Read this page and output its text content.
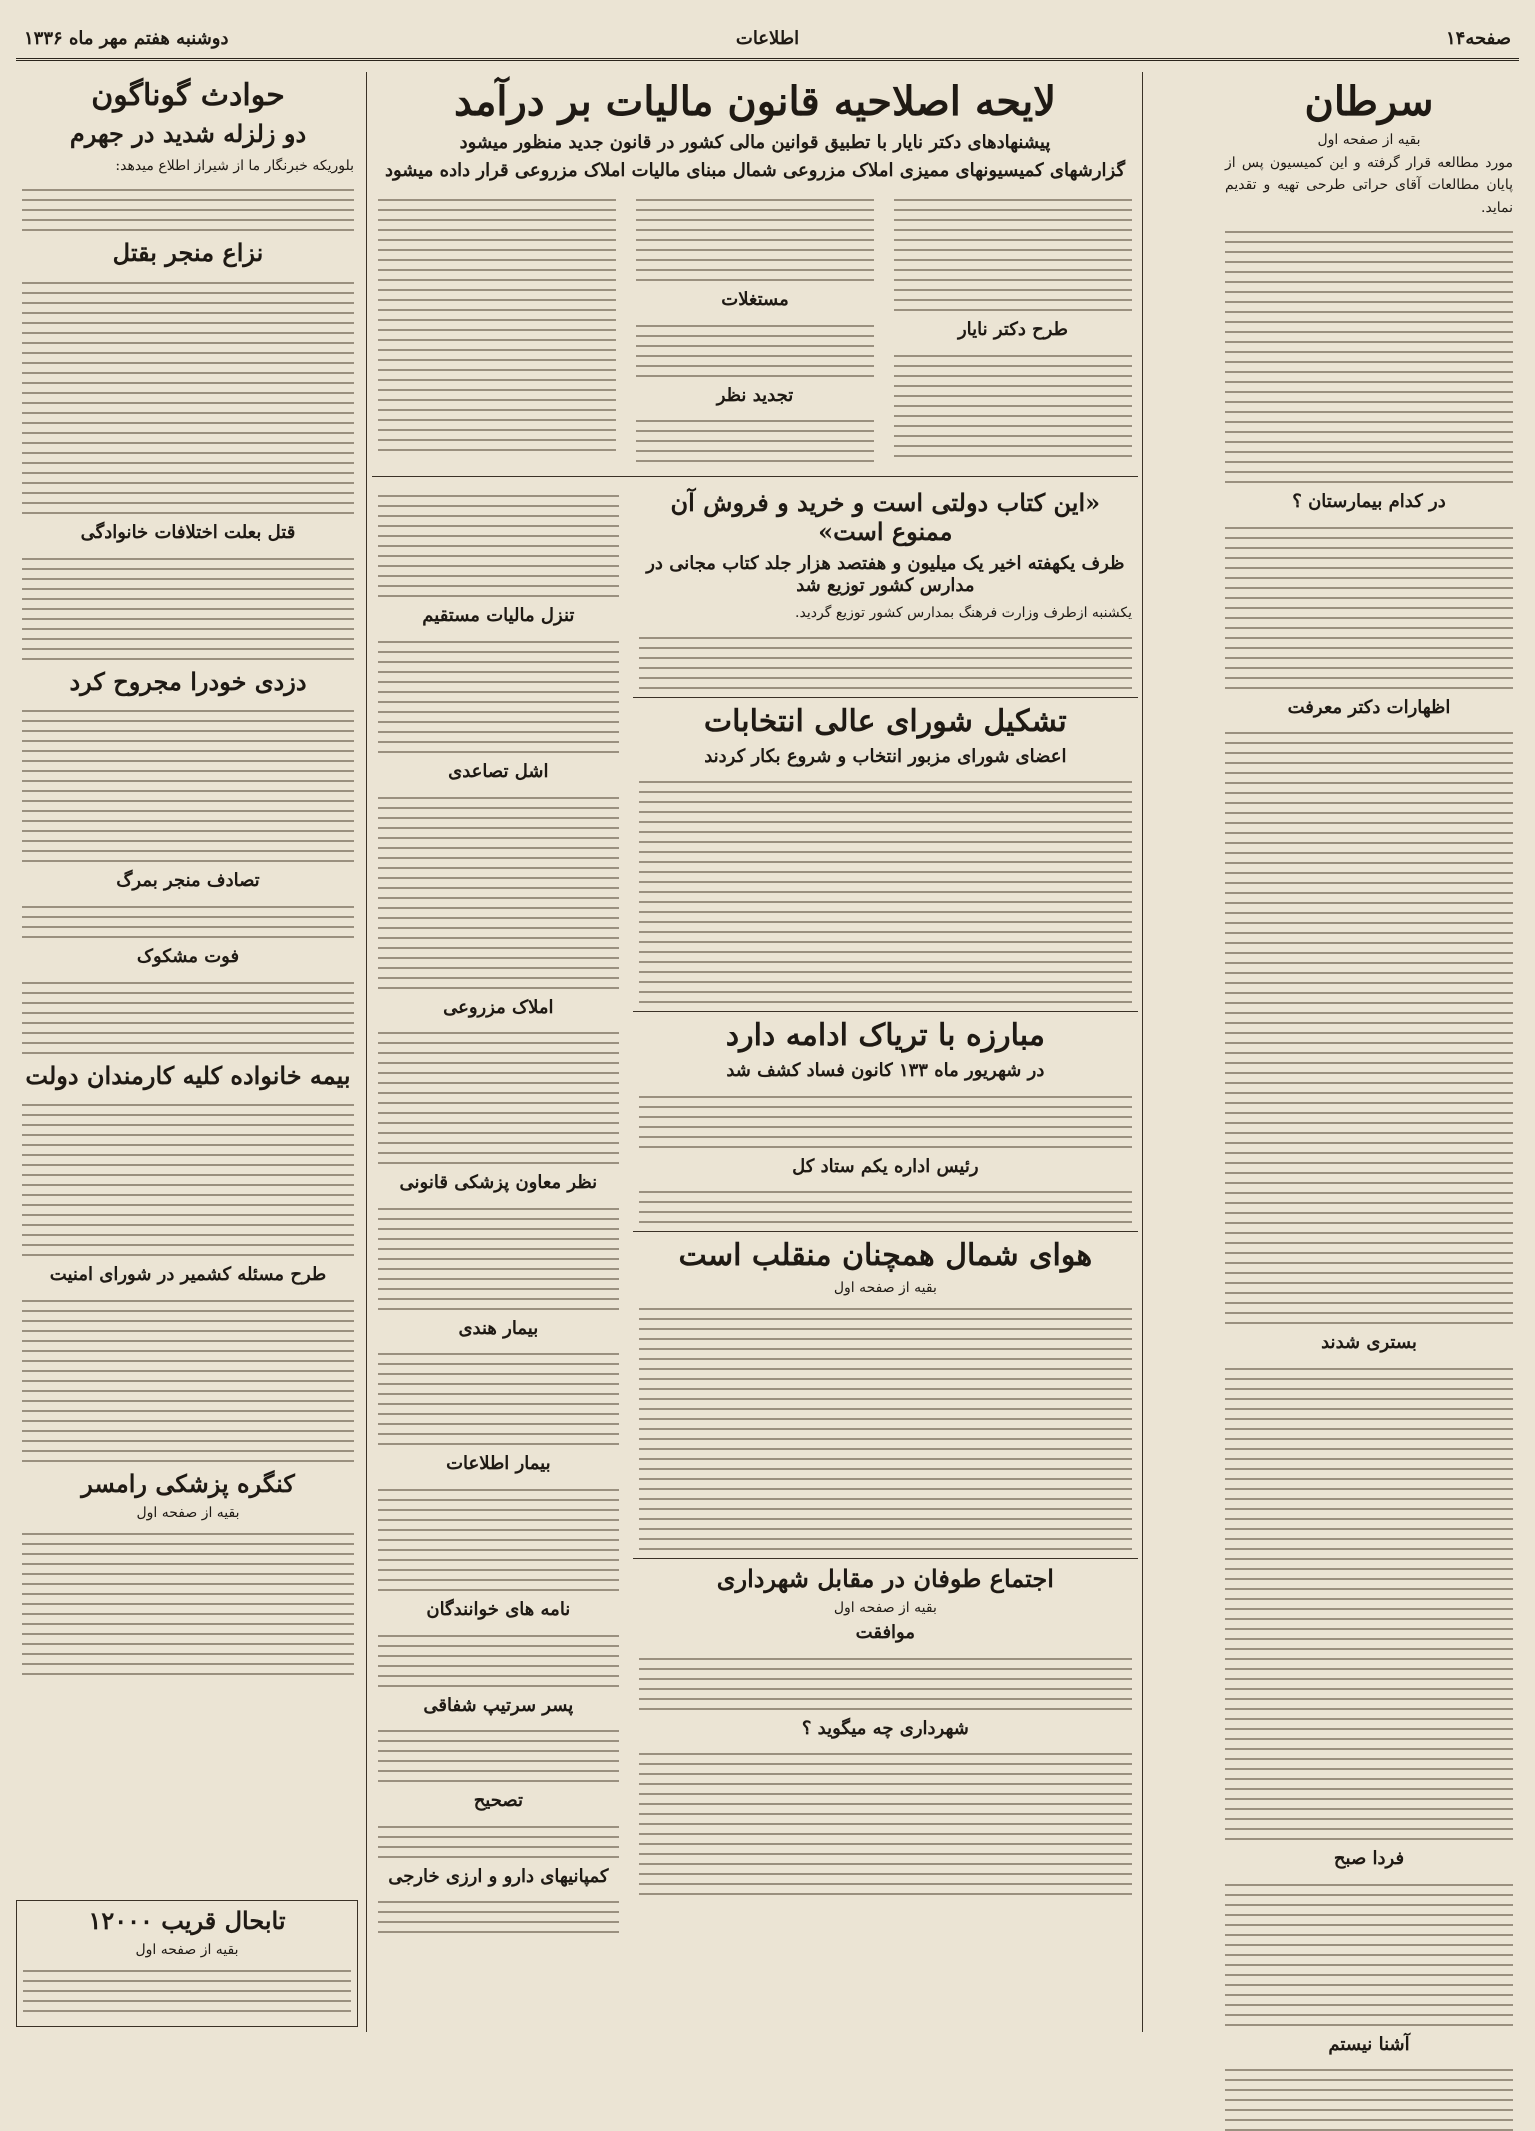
صفحه۱۴
اطلاعات
دوشنبه هفتم مهر ماه ۱۳۳۶
سرطان
بقیه از صفحه اول
مورد مطالعه قرار گرفته و این کمیسیون پس از پایان مطالعات آقای حراتی طرحی تهیه و تقدیم نماید.
در کدام بیمارستان ؟
اظهارات دکتر معرفت
بستری شدند
فردا صبح
آشنا نیستم
لایحه اصلاحیه قانون مالیات بر درآمد
پیشنهادهای دکتر نایار با تطبیق قوانین مالی کشور در قانون جدید منظور میشود
گزارشهای کمیسیونهای ممیزی املاک مزروعی شمال مبنای مالیات املاک مزروعی قرار داده میشود
طرح دکتر نایار
مستغلات
تجدید نظر
«این کتاب دولتی است و خرید و فروش آن ممنوع است»
ظرف یکهفته اخیر یک میلیون و هفتصد هزار جلد کتاب مجانی در مدارس کشور توزیع شد
یکشنبه ازطرف وزارت فرهنگ بمدارس کشور توزیع گردید.
تشکیل شورای عالی انتخابات
اعضای شورای مزبور انتخاب و شروع بکار کردند
مبارزه با تریاک ادامه دارد
در شهریور ماه ۱۳۳ کانون فساد کشف شد
رئیس اداره یکم ستاد کل
هوای شمال همچنان منقلب است
بقیه از صفحه اول
اجتماع طوفان در مقابل شهرداری
بقیه از صفحه اول
موافقت
شهرداری چه میگوید ؟
تنزل مالیات مستقیم
اشل تصاعدی
املاک مزروعی
نظر معاون پزشکی قانونی
بیمار هندی
بیمار اطلاعات
نامه های خوانندگان
پسر سرتیپ شفاقی
تصحیح
کمپانیهای دارو و ارزی خارجی
حوادث گوناگون
دو زلزله شدید در جهرم
بلوریکه خبرنگار ما از شیراز اطلاع میدهد:
نزاع منجر بقتل
قتل بعلت اختلافات خانوادگی
دزدی خودرا مجروح کرد
تصادف منجر بمرگ
فوت مشکوک
بیمه خانواده کلیه کارمندان دولت
طرح مسئله کشمیر در شورای امنیت
کنگره پزشکی رامسر
بقیه از صفحه اول
تابحال قریب ۱۲۰۰۰
بقیه از صفحه اول
